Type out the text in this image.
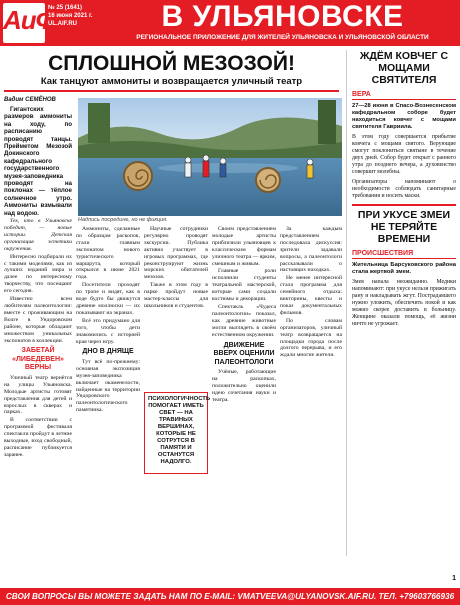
АиФ
№ 25 (1641)
16 июня 2021 г.
UL.AIF.RU	В УЛЬЯНОВСКЕ
РЕГИОНАЛЬНОЕ ПРИЛОЖЕНИЕ ДЛЯ ЖИТЕЛЕЙ УЛЬЯНОВСКА И УЛЬЯНОВСКОЙ ОБЛАСТИ
СПЛОШНОЙ МЕЗОЗОЙ!
Как танцуют аммониты и возвращается уличный театр
Надпись посредине, но не фикция.
Вадим СЕМЁНОВ

Гигантских размеров аммониты на ходу, по расписанию проводят танцы. Прейметом Мезозой Докинского кафедрального государственного музея-заповедника проводят на поклонах — тёплое солнечное утро. Аммониты взмывали над водою.

Тех, кто в Ульяновске победит, — новые истории. Детская организация эстетики окружения.

Интересно подбирали их с такими моделями, как из лучших изданий мира и далее по интересному творчеству, что посещают его сегодня.

Известно всем любителям палеонтологии: вместе с проживающим на Волге в Ундоровском районе, которые обладают множеством уникальных экспонатов в коллекции.

ЗАБЕТАЙ «ЛИБЕДЕВЕН» ВЕРНЫ

Уличный театр вернётся на улицы Ульяновска. Молодые артисты готовят представления для детей и взрослых в скверах и парках.

В соответствии с программой фестиваля спектакли пройдут в летние выходные, вход свободный, расписание публикуется заранее.

Аммониты, сделанные по образцам раскопок, стали главным экспонатом нового туристического маршрута, который открылся в июне 2021 года.

Посетители проходят по тропе и видят, как в воде будто бы движутся древние моллюски — их показывают на экранах.

Всё это придумано для того, чтобы дети знакомились с историей края через игру.

ДНО В ДНЯЩЕ

Тут всё по-прежнему: основная экспозиция музея-заповедника включает окаменелости, найденные на территории Ундоровского палеонтологического памятника.

Научные сотрудники регулярно проводят экскурсии. Публика активно участвует в игровых программах, где реконструируют жизнь морских обитателей мезозоя.

Также в этом году в парке пройдут новые мастер-классы для школьников и студентов.

ПСИХОЛОГИЧНОСТЬ ПОМОГАЕТ ИМЕТЬ СВЕТ — НА ТРАВИНЫХ ВЕРШИНАХ, КОТОРЫЕ НЕ СОТРУТСЯ В ПАМЯТИ И ОСТАНУТСЯ НАДОЛГО.

Своим представлением молодые артисты приблизили ульяновцев к классическим формам уличного театра — ярким, смешным и живым.

Главные роли исполнили студенты театральной мастерской, которые сами создали костюмы и декорации.

Спектакль «Чудеса палеонтологии» показал, как древние животные могли выглядеть в своём естественном окружении.

ДВИЖЕНИЕ ВВЕРХ ОЦЕНИЛИ ПАЛЕОНТОЛОГИ

Учёные, работающие на раскопках, положительно оценили идею сочетания науки и театра.

За каждым представлением последовала дискуссия: зрители задавали вопросы, а палеонтологи рассказывали о настоящих находках.

Не менее интересной стала программа для семейного отдыха: викторины, квесты и показ документальных фильмов.

По словам организаторов, уличный театр возвращается на площадки города после долгого перерыва, и его ждали многие жители.

ЖДЁМ КОВЧЕГ С МОЩАМИ СВЯТИТЕЛЯ
ВЕРА
27—28 июня в Спасо-Вознесенском кафедральном соборе будет находиться ковчег с мощами святителя Гавриила.
В этом году совершается прибытие ковчега с мощами святого. Верующие смогут поклониться святыне в течение двух дней. Собор будет открыт с раннего утра до позднего вечера, а духовенство совершит молебны.
Организаторы напоминают о необходимости соблюдать санитарные требования и носить маски.
ПРИ УКУСЕ ЗМЕИ НЕ ТЕРЯЙТЕ ВРЕМЕНИ
ПРОИСШЕСТВИЯ
Жительница Барсуковского района стала жертвой змеи.
Змея напала неожиданно. Медики напоминают: при укусе нельзя прижигать рану и накладывать жгут. Пострадавшего нужно уложить, обеспечить покой и как можно скорее доставить в больницу. Женщине оказали помощь, её жизни ничто не угрожает.
1
СВОИ ВОПРОСЫ ВЫ МОЖЕТЕ ЗАДАТЬ НАМ ПО E-MAIL: VMATVEEVA@ULYANOVSK.AIF.RU. ТЕЛ. +79603766936
